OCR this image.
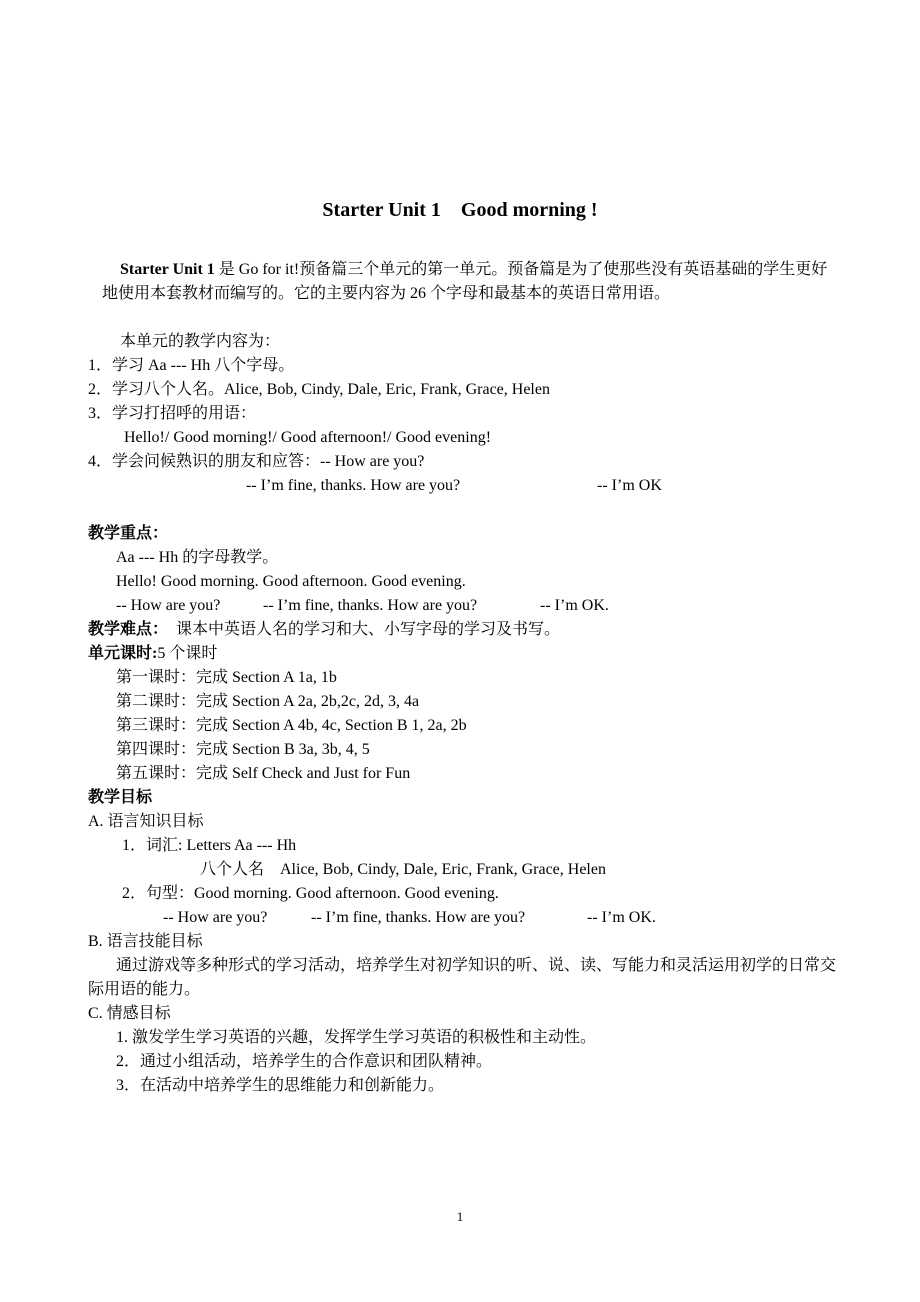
Starter Unit 1　Good morning !
Starter Unit 1 是 Go for it!预备篇三个单元的第一单元。预备篇是为了使那些没有英语基础的学生更好地使用本套教材而编写的。它的主要内容为 26 个字母和最基本的英语日常用语。
本单元的教学内容为：
1．学习 Aa --- Hh 八个字母。
2．学习八个人名。Alice, Bob, Cindy, Dale, Eric, Frank, Grace, Helen
3．学习打招呼的用语：
Hello!/ Good morning!/ Good afternoon!/ Good evening!
4．学会问候熟识的朋友和应答：-- How are you?
-- I’m fine, thanks. How are you?	-- I’m OK
教学重点：
Aa --- Hh 的字母教学。
Hello! Good morning. Good afternoon. Good evening.
-- How are you?	-- I’m fine, thanks. How are you?	-- I’m OK.
教学难点：　 课本中英语人名的学习和大、小写字母的学习及书写。
单元课时:5 个课时
第一课时：完成 Section A 1a, 1b
第二课时：完成 Section A 2a, 2b,2c, 2d, 3, 4a
第三课时：完成 Section A 4b, 4c, Section B 1, 2a, 2b
第四课时：完成 Section B 3a, 3b, 4, 5
第五课时：完成 Self Check and Just for Fun
教学目标
A. 语言知识目标
1．词汇: Letters Aa --- Hh
八个人名　Alice, Bob, Cindy, Dale, Eric, Frank, Grace, Helen
2．句型：Good morning. Good afternoon. Good evening.
-- How are you?	-- I’m fine, thanks. How are you?	-- I’m OK.
B. 语言技能目标
通过游戏等多种形式的学习活动，培养学生对初学知识的听、说、读、写能力和灵活运用初学的日常交际用语的能力。
C. 情感目标
1. 激发学生学习英语的兴趣，发挥学生学习英语的积极性和主动性。
2．通过小组活动，培养学生的合作意识和团队精神。
3．在活动中培养学生的思维能力和创新能力。
1
